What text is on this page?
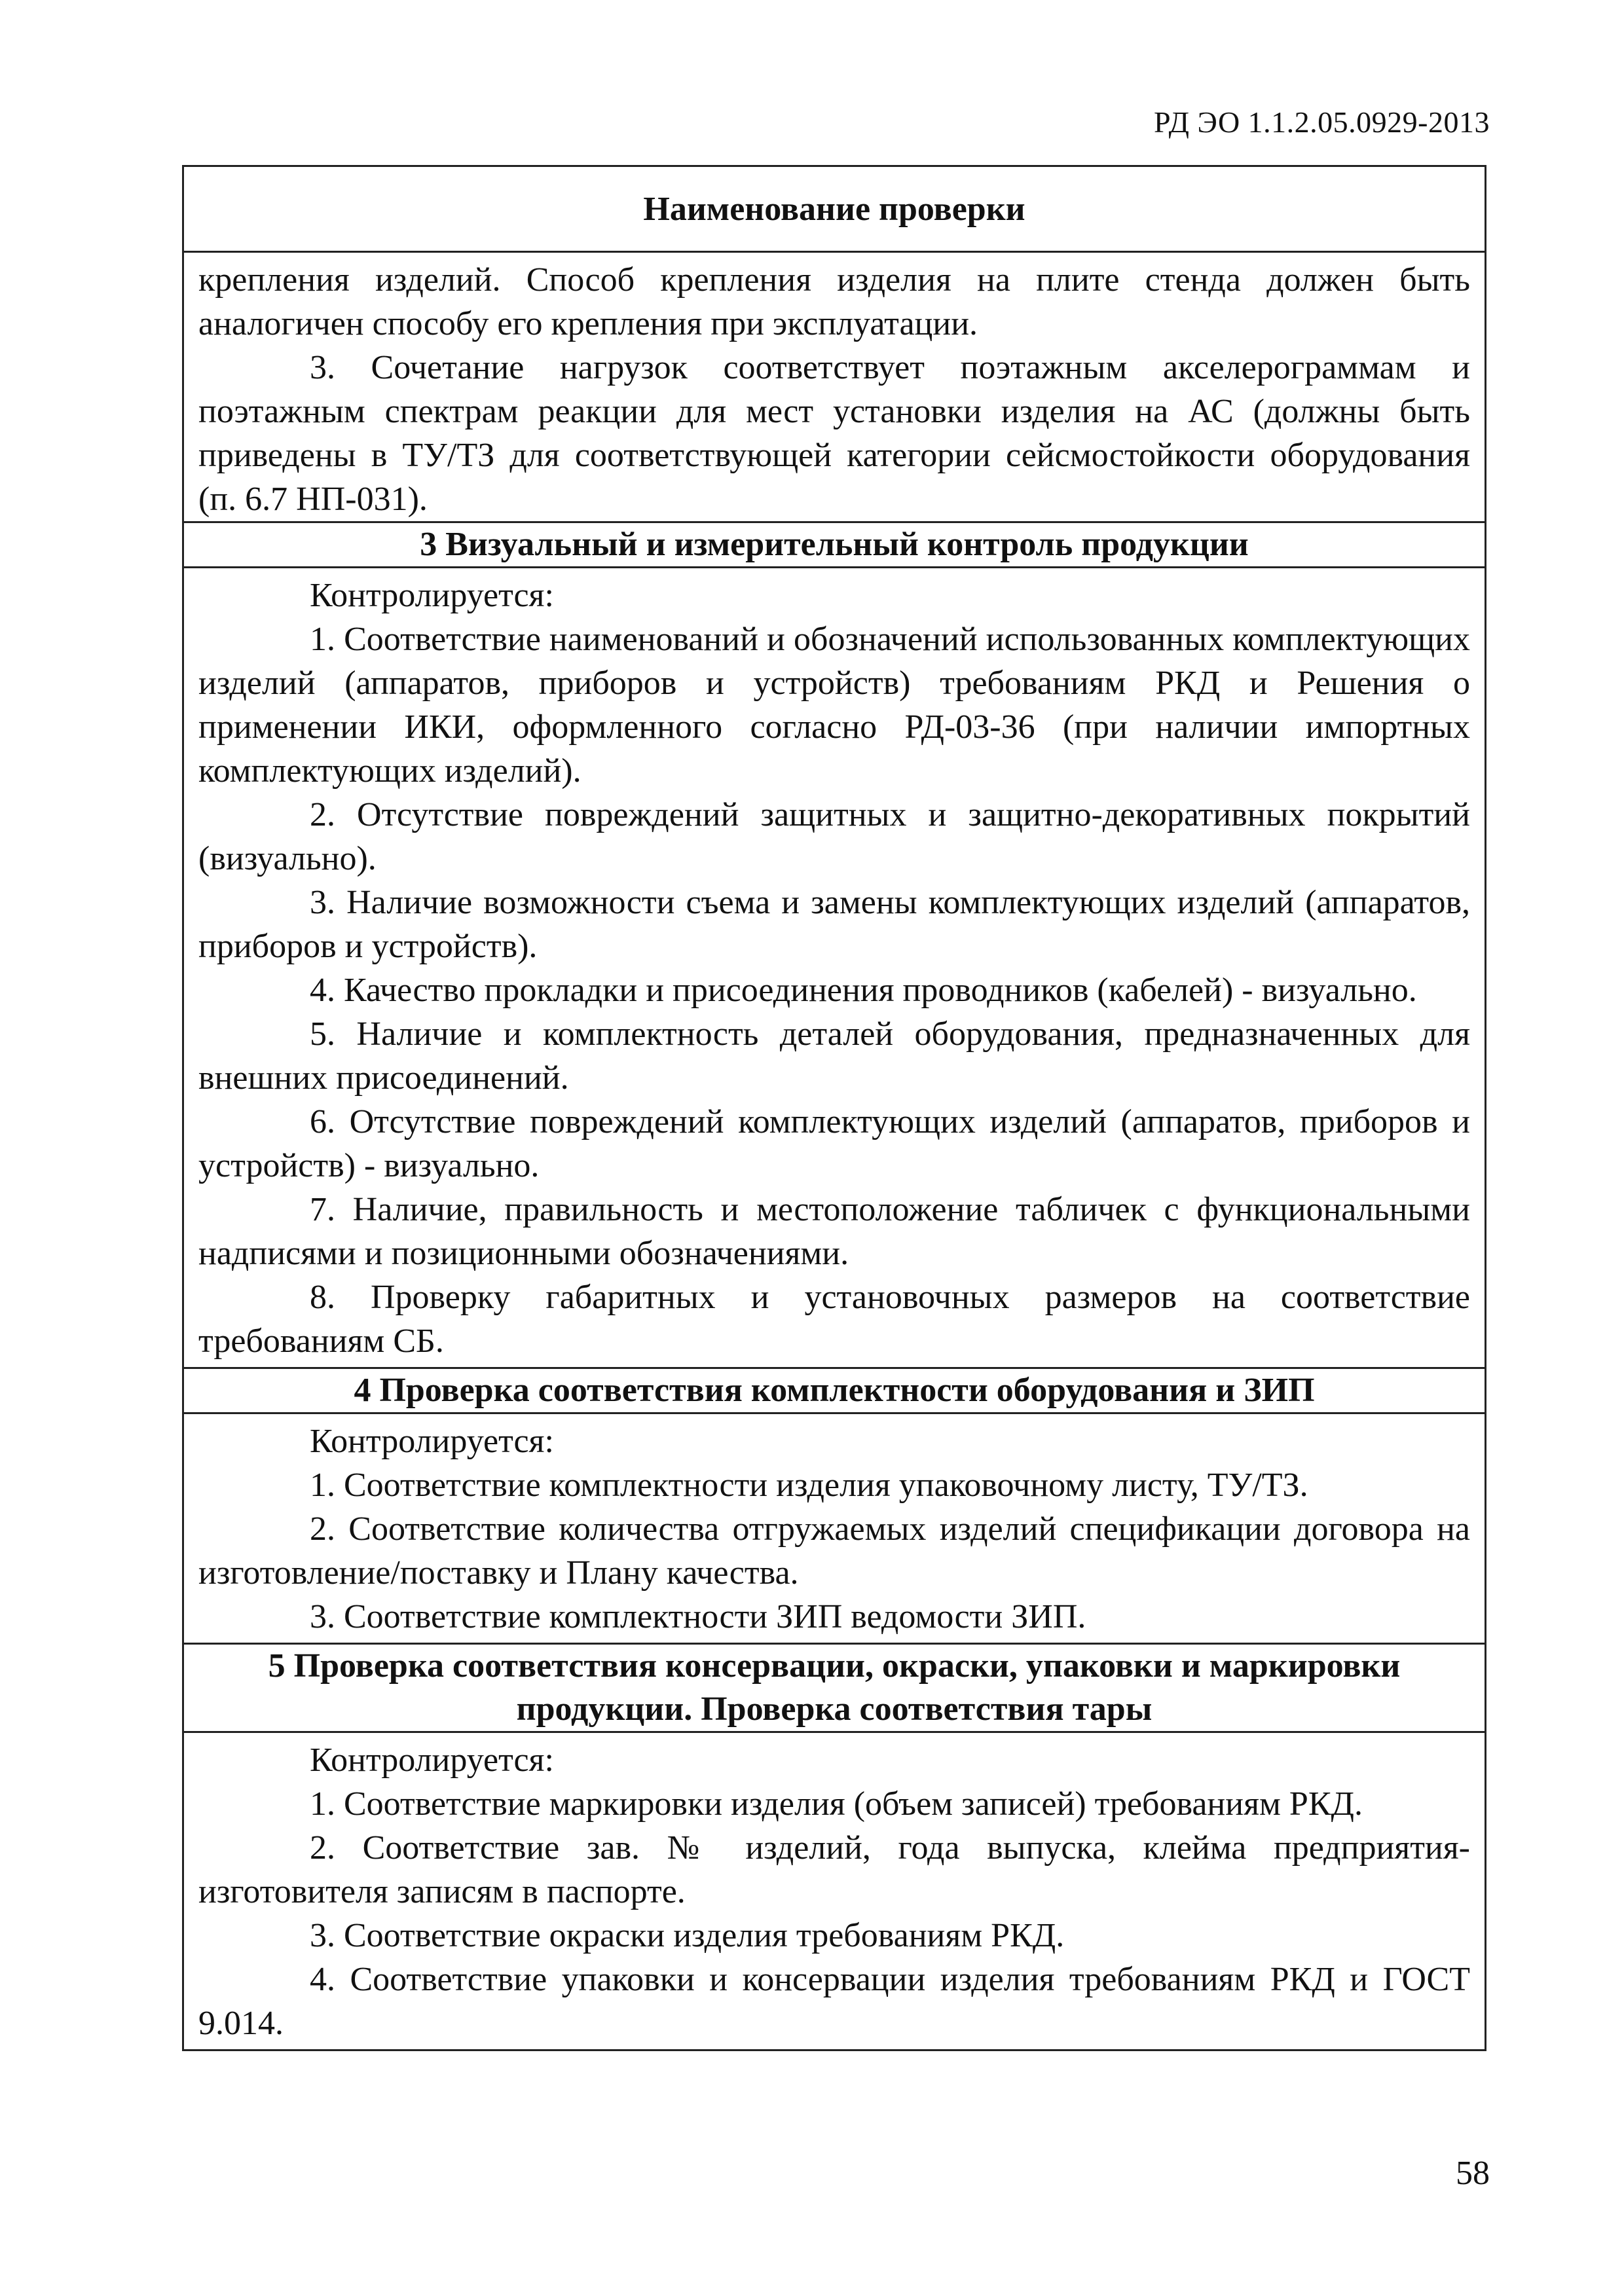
РД ЭО 1.1.2.05.0929-2013
Наименование проверки
крепления изделий. Способ крепления изделия на плите стенда должен быть аналогичен способу его крепления при эксплуатации.
3. Сочетание нагрузок соответствует поэтажным акселерограммам и поэтажным спектрам реакции для мест установки изделия на АС (должны быть приведены в ТУ/ТЗ для соответствующей категории сейсмостойкости оборудования (п. 6.7 НП-031).
3 Визуальный и измерительный контроль продукции
Контролируется:
1. Соответствие наименований и обозначений использованных комплектующих изделий (аппаратов, приборов и устройств) требованиям РКД и Решения о применении ИКИ, оформленного согласно РД-03-36 (при наличии импортных комплектующих изделий).
2. Отсутствие повреждений защитных и защитно-декоративных покрытий (визуально).
3. Наличие возможности съема и замены комплектующих изделий (аппаратов, приборов и устройств).
4. Качество прокладки и присоединения проводников (кабелей) - визуально.
5. Наличие и комплектность деталей оборудования, предназначенных для внешних присоединений.
6. Отсутствие повреждений комплектующих изделий (аппаратов, приборов и устройств) - визуально.
7. Наличие, правильность и местоположение табличек с функциональными надписями и позиционными обозначениями.
8. Проверку габаритных и установочных размеров на соответствие требованиям СБ.
4 Проверка соответствия комплектности оборудования и ЗИП
Контролируется:
1. Соответствие комплектности изделия упаковочному листу, ТУ/ТЗ.
2. Соответствие количества отгружаемых изделий спецификации договора на изготовление/поставку и Плану качества.
3. Соответствие комплектности ЗИП ведомости ЗИП.
5 Проверка соответствия консервации, окраски, упаковки и маркировки продукции. Проверка соответствия тары
Контролируется:
1. Соответствие маркировки изделия (объем записей) требованиям РКД.
2. Соответствие зав. № изделий, года выпуска, клейма предприятия-изготовителя записям в паспорте.
3. Соответствие окраски изделия требованиям РКД.
4. Соответствие упаковки и консервации изделия требованиям РКД и ГОСТ 9.014.
58
